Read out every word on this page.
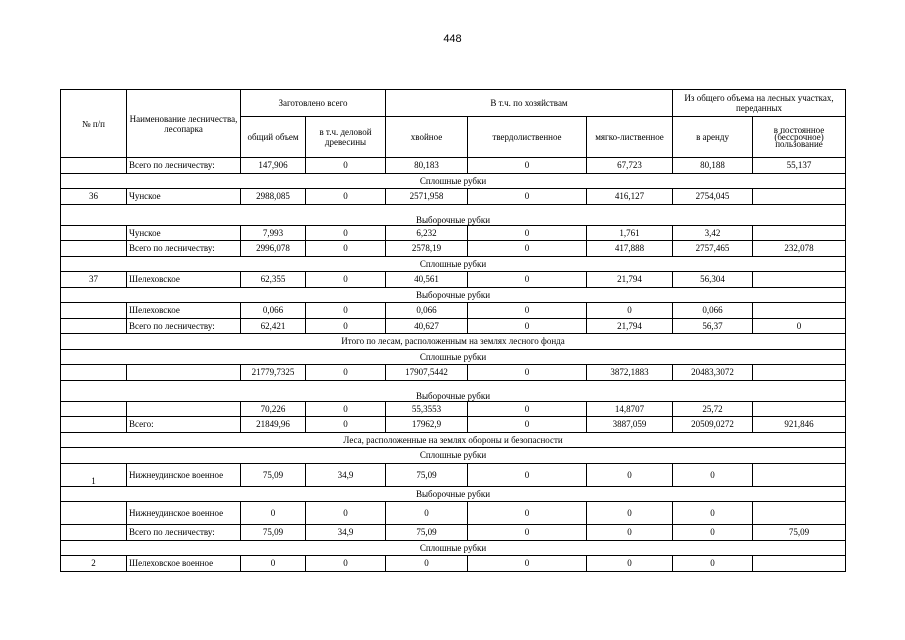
448
№ п/п	Наименование лесничества, лесопарка	Заготовлено всего		В т.ч. по хозяйствам			Из общего объема на лесных участках, переданных	
		общий объем	в т.ч. деловой древесины	хвойное	твердолиственное	мягко-лиственное	в аренду	в постоянное (бессрочное) пользование
	Всего по лесничеству:	147,906	0	80,183	0	67,723	80,188	55,137
Сплошные рубки								
36	Чунское	2988,085	0	2571,958	0	416,127	2754,045	
Выборочные рубки								
	Чунское	7,993	0	6,232	0	1,761	3,42	
	Всего по лесничеству:	2996,078	0	2578,19	0	417,888	2757,465	232,078
Сплошные рубки								
37	Шелеховское	62,355	0	40,561	0	21,794	56,304	
Выборочные рубки								
	Шелеховское	0,066	0	0,066	0	0	0,066	
	Всего по лесничеству:	62,421	0	40,627	0	21,794	56,37	0
Итого по лесам, расположенным на землях лесного фонда								
Сплошные рубки								
		21779,7325	0	17907,5442	0	3872,1883	20483,3072	
Выборочные рубки								
		70,226	0	55,3553	0	14,8707	25,72	
	Всего:	21849,96	0	17962,9	0	3887,059	20509,0272	921,846
Леса, расположенные на землях обороны и безопасности								
Сплошные рубки								
1	Нижнеудинское военное	75,09	34,9	75,09	0	0	0	
Выборочные рубки								
	Нижнеудинское военное	0	0	0	0	0	0	
	Всего по лесничеству:	75,09	34,9	75,09	0	0	0	75,09
Сплошные рубки								
2	Шелеховское военное	0	0	0	0	0	0	
